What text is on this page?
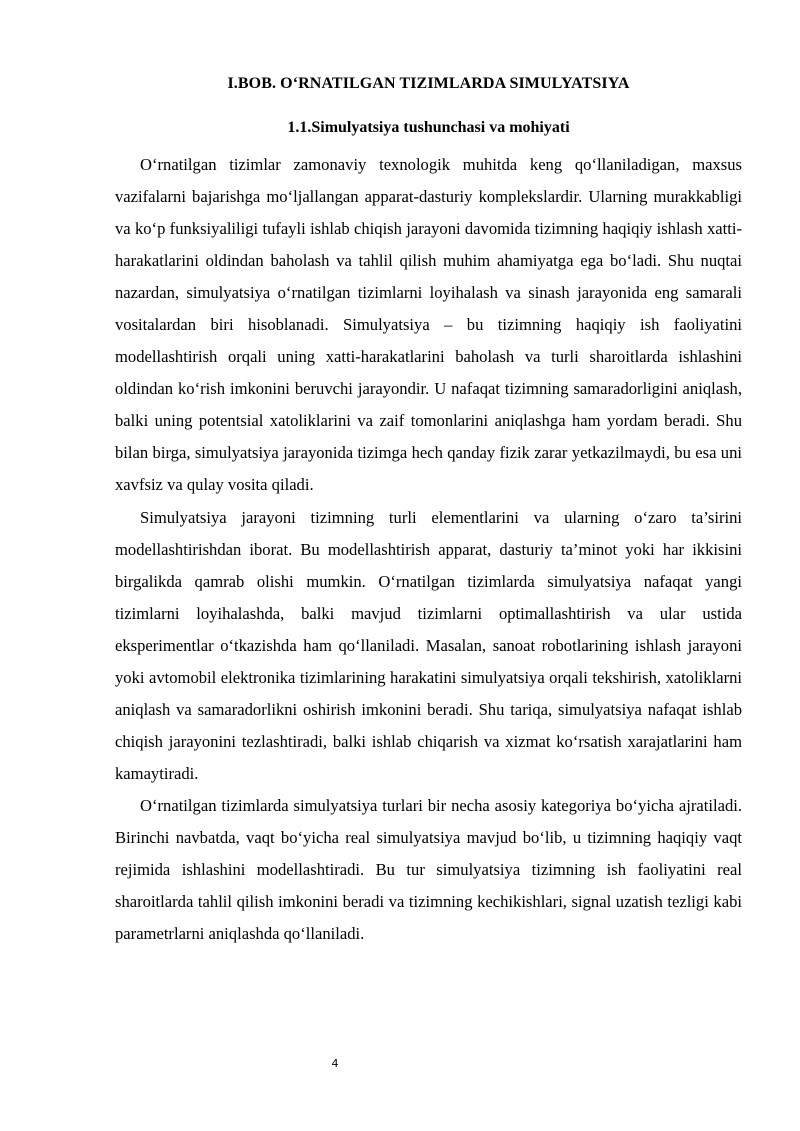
I.BOB. O‘RNATILGAN TIZIMLARDA SIMULYATSIYA
1.1.Simulyatsiya tushunchasi va mohiyati

O‘rnatilgan tizimlar zamonaviy texnologik muhitda keng qo‘llaniladigan, maxsus vazifalarni bajarishga mo‘ljallangan apparat-dasturiy komplekslardir. Ularning murakkabligi va ko‘p funksiyaliligi tufayli ishlab chiqish jarayoni davomida tizimning haqiqiy ishlash xatti-harakatlarini oldindan baholash va tahlil qilish muhim ahamiyatga ega bo‘ladi. Shu nuqtai nazardan, simulyatsiya o‘rnatilgan tizimlarni loyihalash va sinash jarayonida eng samarali vositalardan biri hisoblanadi. Simulyatsiya – bu tizimning haqiqiy ish faoliyatini modellashtirish orqali uning xatti-harakatlarini baholash va turli sharoitlarda ishlashini oldindan ko‘rish imkonini beruvchi jarayondir. U nafaqat tizimning samaradorligini aniqlash, balki uning potentsial xatoliklarini va zaif tomonlarini aniqlashga ham yordam beradi. Shu bilan birga, simulyatsiya jarayonida tizimga hech qanday fizik zarar yetkazilmaydi, bu esa uni xavfsiz va qulay vosita qiladi.

Simulyatsiya jarayoni tizimning turli elementlarini va ularning o‘zaro ta’sirini modellashtirishdan iborat. Bu modellashtirish apparat, dasturiy ta’minot yoki har ikkisini birgalikda qamrab olishi mumkin. O‘rnatilgan tizimlarda simulyatsiya nafaqat yangi tizimlarni loyihalashda, balki mavjud tizimlarni optimallashtirish va ular ustida eksperimentlar o‘tkazishda ham qo‘llaniladi. Masalan, sanoat robotlarining ishlash jarayoni yoki avtomobil elektronika tizimlarining harakatini simulyatsiya orqali tekshirish, xatoliklarni aniqlash va samaradorlikni oshirish imkonini beradi. Shu tariqa, simulyatsiya nafaqat ishlab chiqish jarayonini tezlashtiradi, balki ishlab chiqarish va xizmat ko‘rsatish xarajatlarini ham kamaytiradi.

O‘rnatilgan tizimlarda simulyatsiya turlari bir necha asosiy kategoriya bo‘yicha ajratiladi. Birinchi navbatda, vaqt bo‘yicha real simulyatsiya mavjud bo‘lib, u tizimning haqiqiy vaqt rejimida ishlashini modellashtiradi. Bu tur simulyatsiya tizimning ish faoliyatini real sharoitlarda tahlil qilish imkonini beradi va tizimning kechikishlari, signal uzatish tezligi kabi parametrlarni aniqlashda qo‘llaniladi.

4
